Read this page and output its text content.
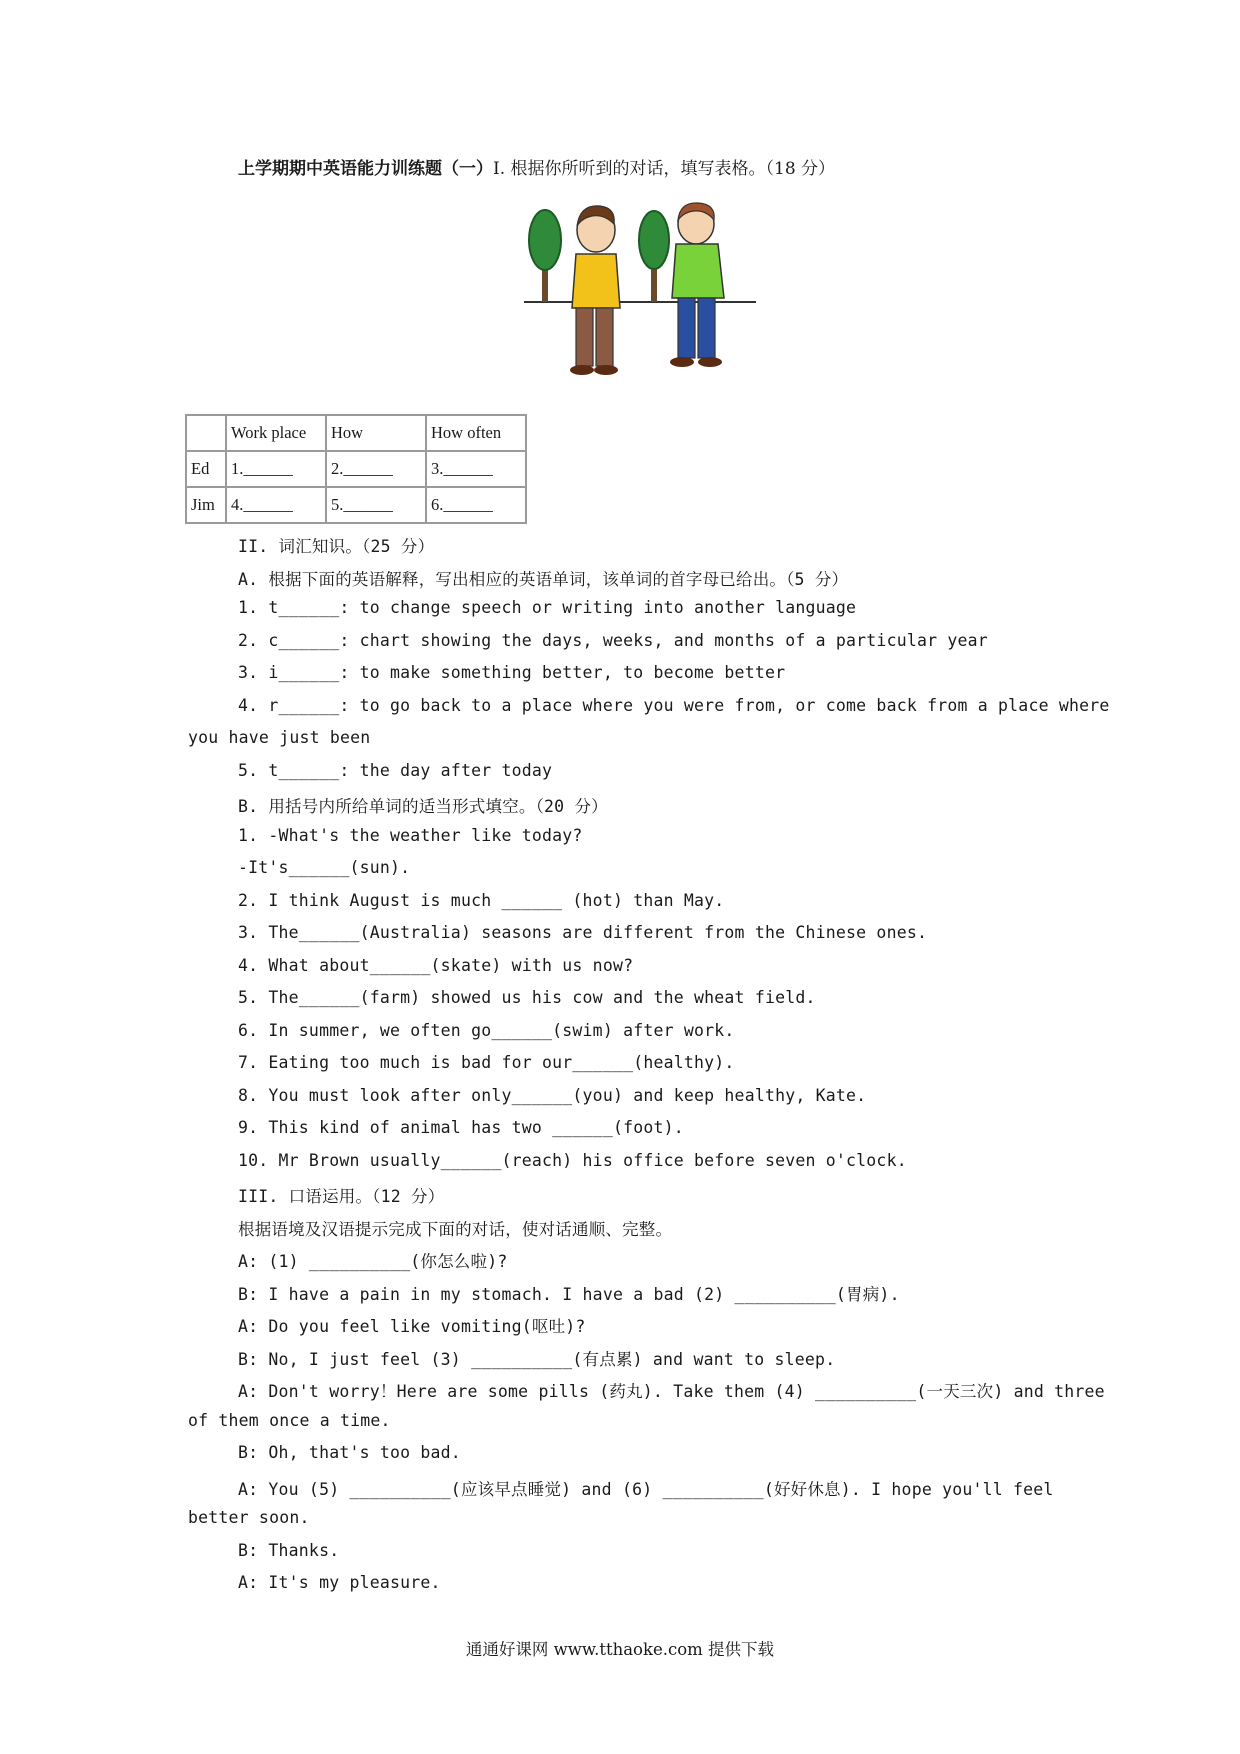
上学期期中英语能力训练题（一）I. 根据你所听到的对话，填写表格。（18 分）
	Work place	How	How often
Ed	1.______	2.______	3.______
Jim	4.______	5.______	6.______
II. 词汇知识。（25 分）
A. 根据下面的英语解释，写出相应的英语单词，该单词的首字母已给出。（5 分）
1. t______: to change speech or writing into another language
2. c______: chart showing the days, weeks, and months of a particular year
3. i______: to make something better, to become better
4. r______: to go back to a place where you were from, or come back from a place where
you have just been
5. t______: the day after today
B. 用括号内所给单词的适当形式填空。（20 分）
1. -What's the weather like today?
-It's______(sun).
2. I think August is much ______ (hot) than May.
3. The______(Australia) seasons are different from the Chinese ones.
4. What about______(skate) with us now?
5. The______(farm) showed us his cow and the wheat field.
6. In summer, we often go______(swim) after work.
7. Eating too much is bad for our______(healthy).
8. You must look after only______(you) and keep healthy, Kate.
9. This kind of animal has two ______(foot).
10. Mr Brown usually______(reach) his office before seven o'clock.
III. 口语运用。（12 分）
根据语境及汉语提示完成下面的对话，使对话通顺、完整。
A: (1) __________(你怎么啦)?
B: I have a pain in my stomach. I have a bad (2) __________(胃病).
A: Do you feel like vomiting(呕吐)?
B: No, I just feel (3) __________(有点累) and want to sleep.
A: Don't worry！Here are some pills (药丸). Take them (4) __________(一天三次) and three
of them once a time.
B: Oh, that's too bad.
A: You (5) __________(应该早点睡觉) and (6) __________(好好休息). I hope you'll feel
better soon.
B: Thanks.
A: It's my pleasure.
通通好课网 www.tthaoke.com 提供下载
